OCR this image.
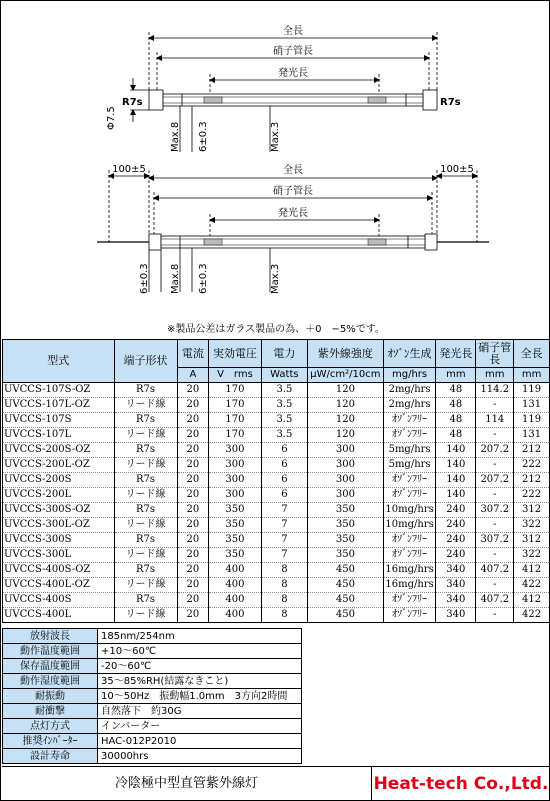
全長
硝子管長
発光長
R7s	R7s
Φ7.5
Max.8 6±0.3	Max.3
100±5	100±5
全長
硝子管長
発光長
6±0.3 Max.8 6±0.3	Max.3
※製品公差はガラス製品の為、＋0　−5%です。
型式	端子形状	電流	実効電圧	電力	紫外線強度	ｵｿﾞﾝ生成	発光長	硝子管長	全長
		A	V　rms	Watts	μW/cm²/10cm	mg/hrs	mm	mm	mm
UVCCS-107S-OZ	R7s	20	170	3.5	120	2mg/hrs	48	114.2	119
UVCCS-107L-OZ	リード線	20	170	3.5	120	2mg/hrs	48	-	131
UVCCS-107S	R7s	20	170	3.5	120	ｵｿﾞﾝﾌﾘｰ	48	114	119
UVCCS-107L	リード線	20	170	3.5	120	ｵｿﾞﾝﾌﾘｰ	48	-	131
UVCCS-200S-OZ	R7s	20	300	6	300	5mg/hrs	140	207.2	212
UVCCS-200L-OZ	リード線	20	300	6	300	5mg/hrs	140	-	222
UVCCS-200S	R7s	20	300	6	300	ｵｿﾞﾝﾌﾘｰ	140	207.2	212
UVCCS-200L	リード線	20	300	6	300	ｵｿﾞﾝﾌﾘｰ	140	-	222
UVCCS-300S-OZ	R7s	20	350	7	350	10mg/hrs	240	307.2	312
UVCCS-300L-OZ	リード線	20	350	7	350	10mg/hrs	240	-	322
UVCCS-300S	R7s	20	350	7	350	ｵｿﾞﾝﾌﾘｰ	240	307.2	312
UVCCS-300L	リード線	20	350	7	350	ｵｿﾞﾝﾌﾘｰ	240	-	322
UVCCS-400S-OZ	R7s	20	400	8	450	16mg/hrs	340	407.2	412
UVCCS-400L-OZ	リード線	20	400	8	450	16mg/hrs	340	-	422
UVCCS-400S	R7s	20	400	8	450	ｵｿﾞﾝﾌﾘｰ	340	407.2	412
UVCCS-400L	リード線	20	400	8	450	ｵｿﾞﾝﾌﾘｰ	340	-	422
放射波長	185nm/254nm
動作温度範囲	+10〜60℃
保存温度範囲	-20〜60℃
動作湿度範囲	35〜85%RH(結露なきこと)
耐振動	10〜50Hz　振動幅1.0mm　3方向2時間
耐衝撃	自然落下　約30G
点灯方式	インバーター
推奨ｲﾝﾊﾞｰﾀｰ	HAC-012P2010
設計寿命	30000hrs
冷陰極中型直管紫外線灯	Heat-tech Co.,Ltd.
